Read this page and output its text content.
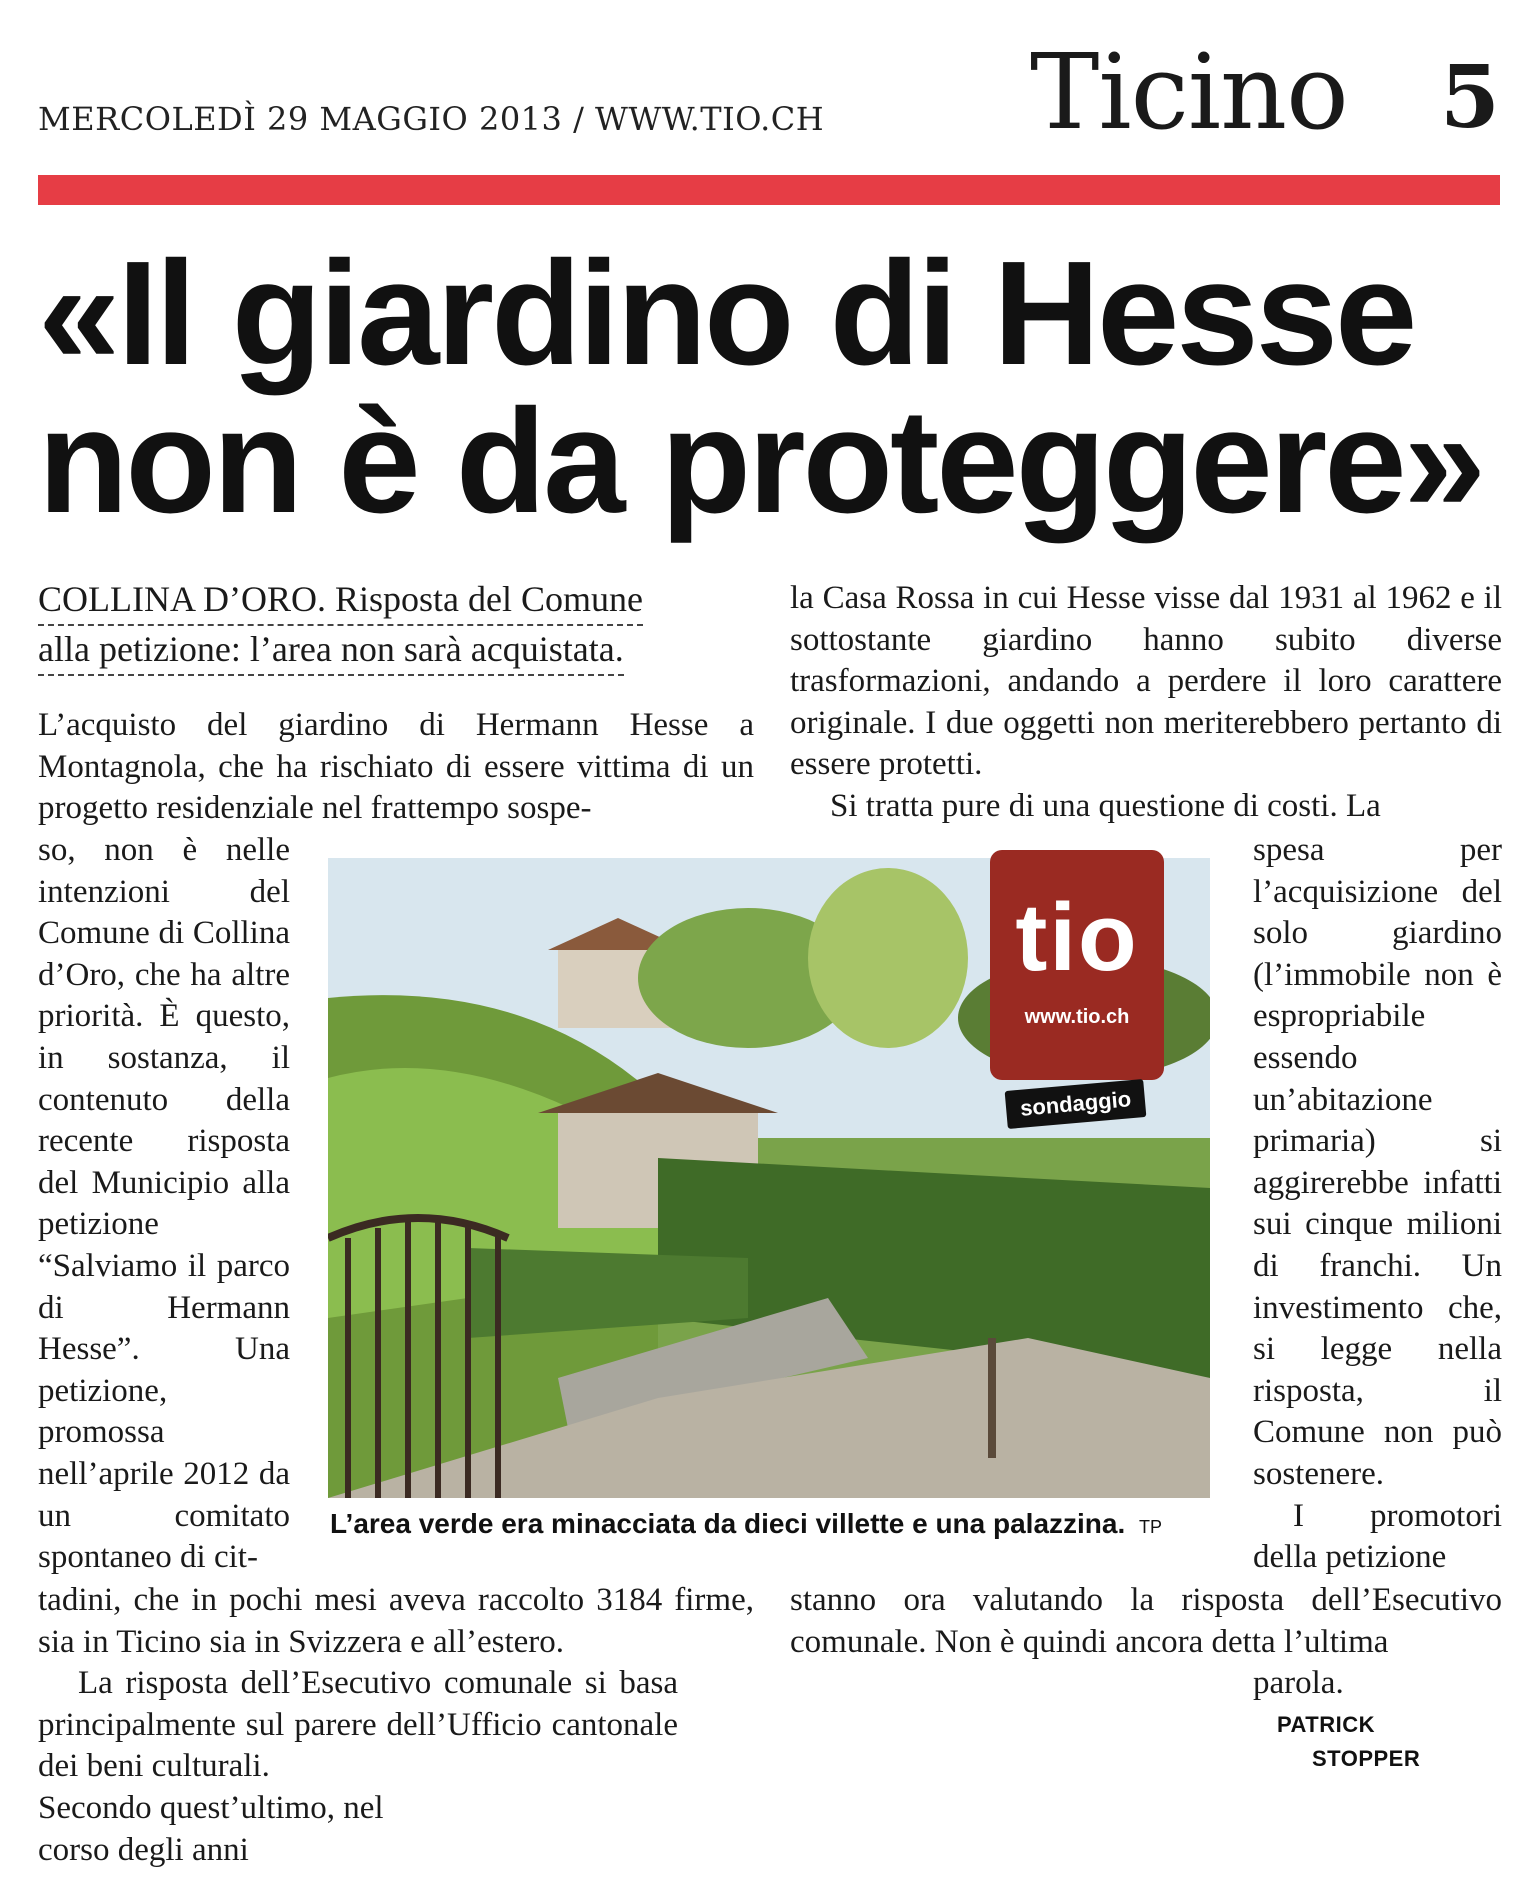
MERCOLEDÌ 29 MAGGIO 2013 / WWW.TIO.CH Ticino 5
«Il giardino di Hesse
non è da proteggere»
COLLINA D’ORO. Risposta del Comune
alla petizione: l’area non sarà acquistata.

L’acquisto del giardino di Hermann Hesse a Montagnola, che ha rischiato di essere vittima di un progetto residenziale nel frattempo sospe-

so, non è nelle intenzioni del Comune di Collina d’Oro, che ha altre priorità. È questo, in sostanza, il contenuto della recente risposta del Municipio alla petizione “Salviamo il parco di Hermann Hesse”. Una petizione, promossa nell’aprile 2012 da un comitato spontaneo di cit-

tadini, che in pochi mesi aveva raccolto 3184 firme, sia in Ticino sia in Svizzera e all’estero.

La risposta dell’Esecutivo comunale si basa principalmente sul parere dell’Ufficio cantonale dei beni culturali.

Secondo quest’ultimo, nel corso degli anni

la Casa Rossa in cui Hesse visse dal 1931 al 1962 e il sottostante giardino hanno subito diverse trasformazioni, andando a perdere il loro carattere originale. I due oggetti non meriterebbero pertanto di essere protetti.

Si tratta pure di una questione di costi. La

spesa per l’acquisizione del solo giardino (l’immobile non è espropriabile essendo un’abitazione primaria) si aggirerebbe infatti sui cinque milioni di franchi. Un investimento che, si legge nella risposta, il Comune non può sostenere.

I promotori della petizione

stanno ora valutando la risposta dell’Esecutivo comunale. Non è quindi ancora detta l’ultima

parola.

PATRICK
STOPPER
tio
www.tio.ch
sondaggio
L’area verde era minacciata da dieci villette e una palazzina. TP
